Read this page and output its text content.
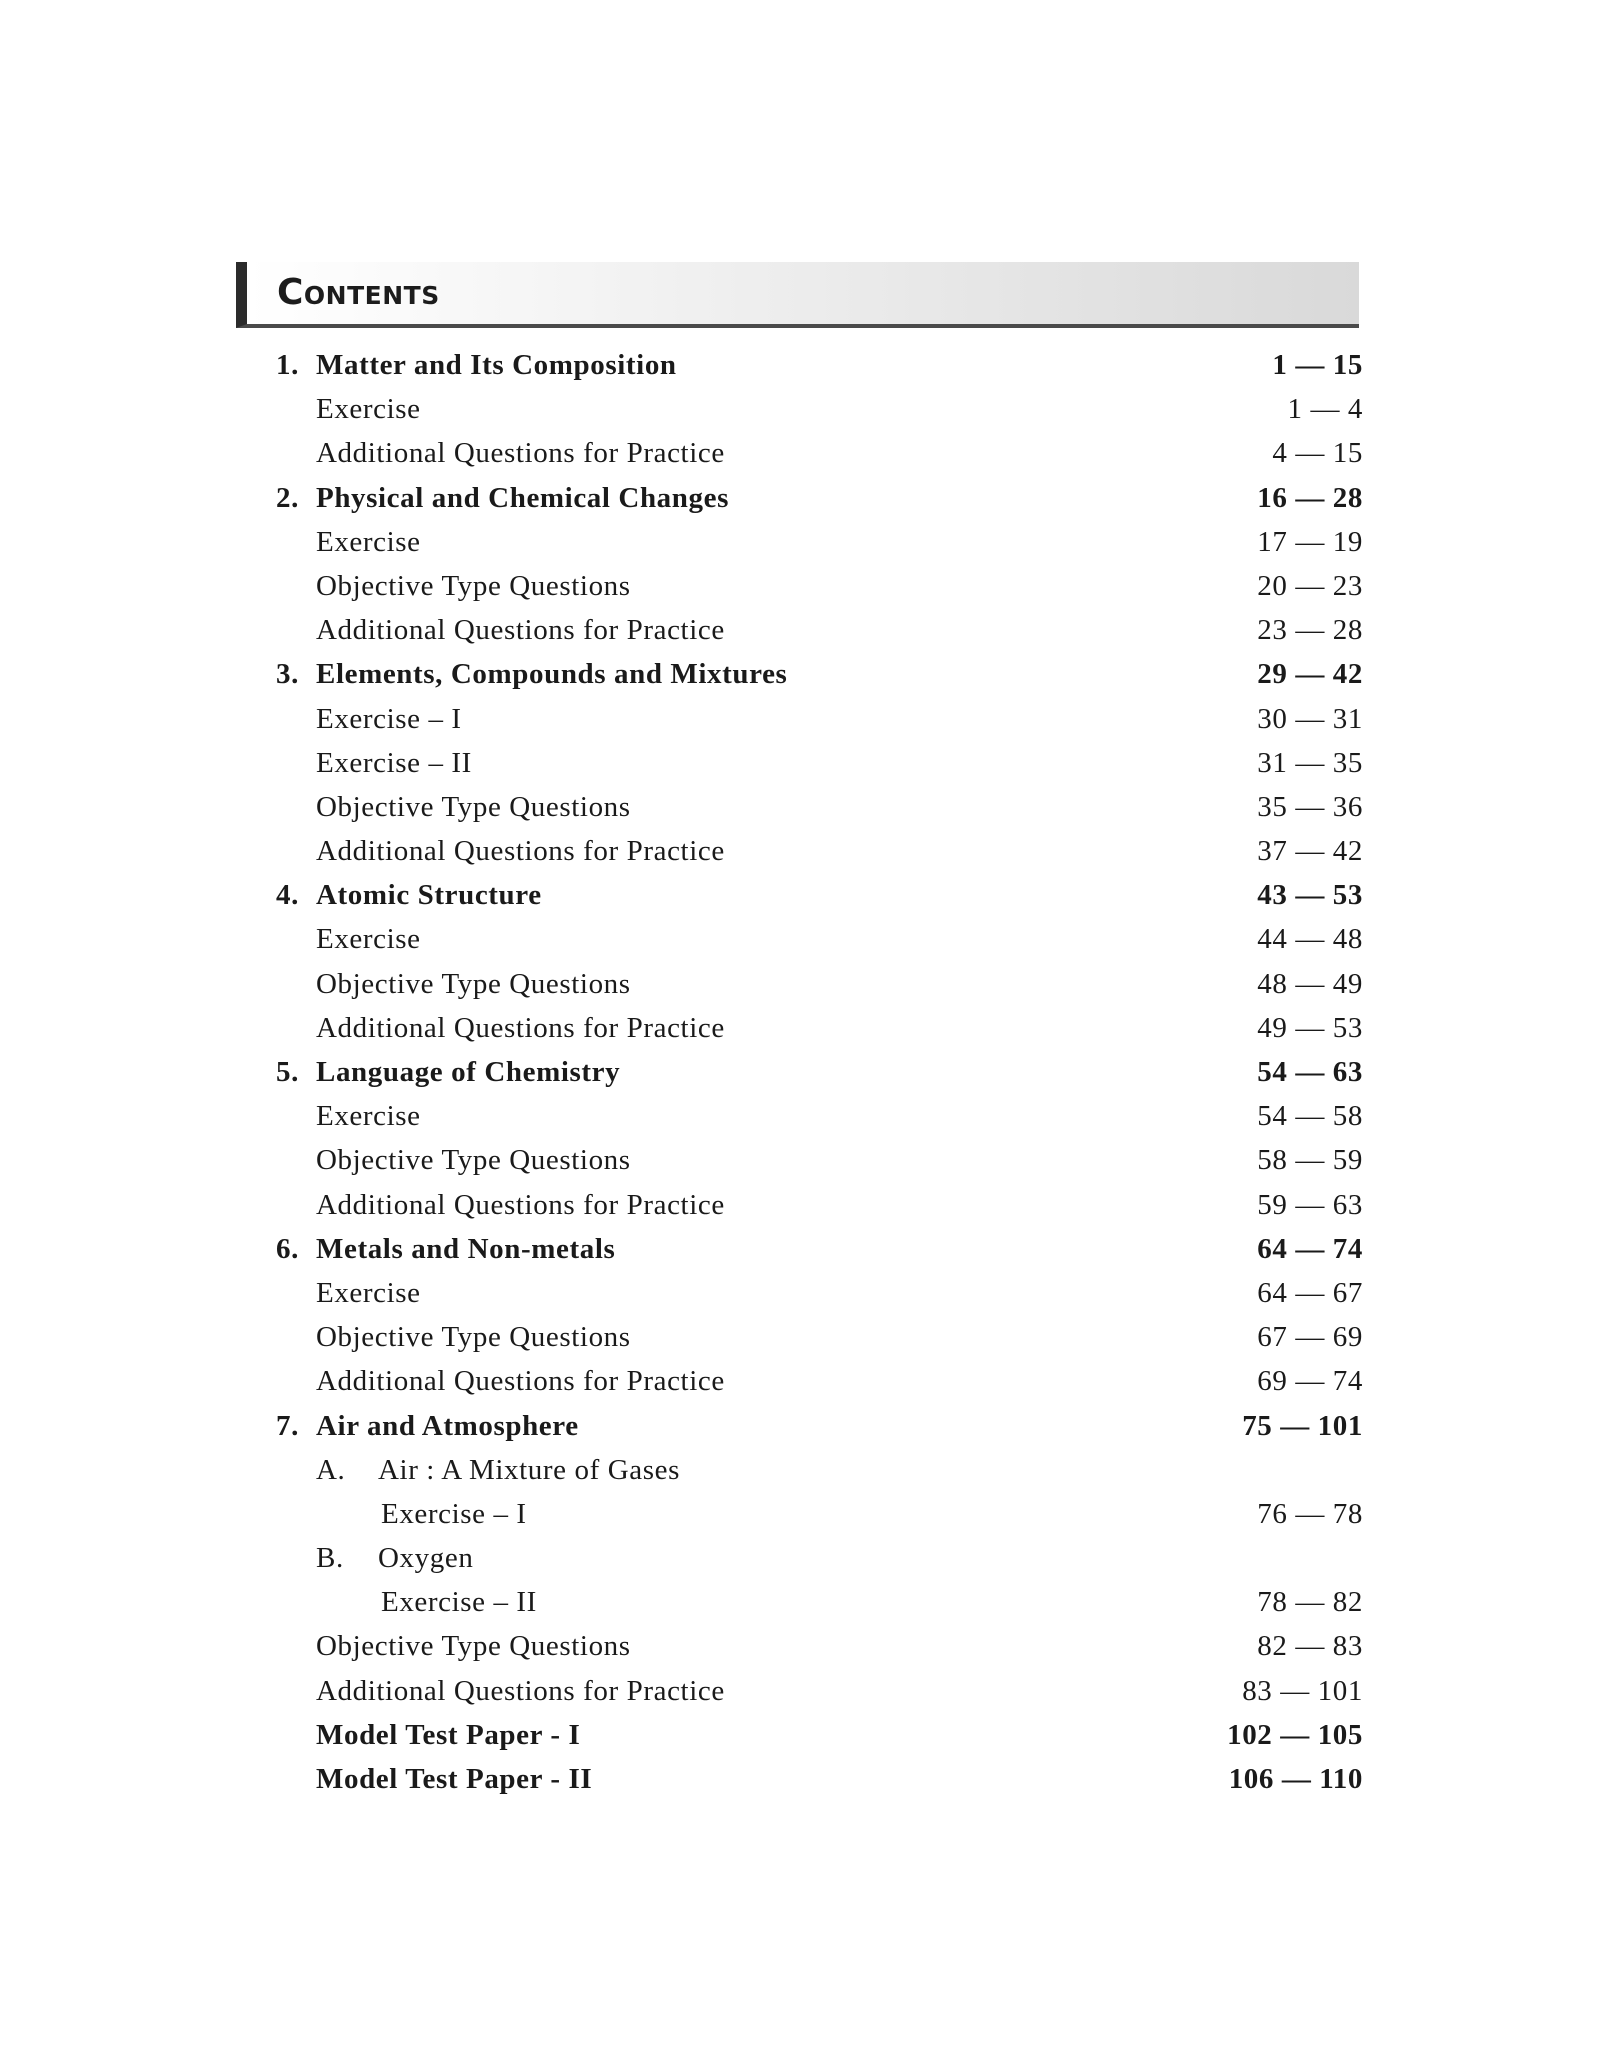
Contents
1. Matter and Its Composition	1 — 15
Exercise	1 — 4
Additional Questions for Practice	4 — 15
2. Physical and Chemical Changes	16 — 28
Exercise	17 — 19
Objective Type Questions	20 — 23
Additional Questions for Practice	23 — 28
3. Elements, Compounds and Mixtures	29 — 42
Exercise – I	30 — 31
Exercise – II	31 — 35
Objective Type Questions	35 — 36
Additional Questions for Practice	37 — 42
4. Atomic Structure	43 — 53
Exercise	44 — 48
Objective Type Questions	48 — 49
Additional Questions for Practice	49 — 53
5. Language of Chemistry	54 — 63
Exercise	54 — 58
Objective Type Questions	58 — 59
Additional Questions for Practice	59 — 63
6. Metals and Non-metals	64 — 74
Exercise	64 — 67
Objective Type Questions	67 — 69
Additional Questions for Practice	69 — 74
7. Air and Atmosphere	75 — 101
A. Air : A Mixture of Gases
Exercise – I	76 — 78
B. Oxygen
Exercise – II	78 — 82
Objective Type Questions	82 — 83
Additional Questions for Practice	83 — 101
Model Test Paper - I	102 — 105
Model Test Paper - II	106 — 110
